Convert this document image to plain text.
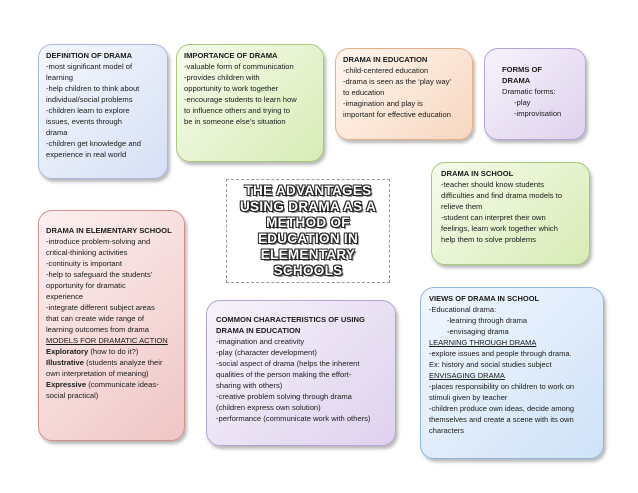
DEFINITION OF DRAMA
-most significant model of
learning
-help children to think about
individual/social problems
-children learn to explore
issues, events through
drama
-children get knowledge and
experience in real world
IMPORTANCE OF DRAMA
-valuable form of communication
-provides children with
opportunity to work together
-encourage students to learn how
to influence others and trying to
be in someone else’s situation
DRAMA IN EDUCATION
-child-centered education
-drama is seen as the ‘play way’
to education
-imagination and play is
important for effective education
FORMS OF
DRAMA
Dramatic forms:
-play
-improvisation
THE ADVANTAGES
USING DRAMA AS A
METHOD OF
EDUCATION IN
ELEMENTARY
SCHOOLS
DRAMA IN SCHOOL
-teacher should know students
difficulties and find drama models to
relieve them
-student can interpret their own
feelings, learn work together which
help them to solve problems
DRAMA IN ELEMENTARY SCHOOL
-introduce problem-solving and
critical-thinking activities
-continuity is important
-help to safeguard the students’
opportunity for dramatic
experience
-integrate different subject areas
that can create wide range of
learning outcomes from drama
MODELS FOR DRAMATIC ACTION
Exploratory (how to do it?)
Illustrative (students analyze their
own interpretation of meaning)
Expressive (communicate ideas-
social practical)
COMMON CHARACTERISTICS OF USING
DRAMA IN EDUCATION
-imagination and creativity
-play (character development)
-social aspect of drama (helps the inherent
qualities of the person making the effort-
sharing with others)
-creative problem solving through drama
(children express own solution)
-performance (communicate work with others)
VIEWS OF DRAMA IN SCHOOL
-Educational drama:
-learning through drama
-envisaging drama
LEARNING THROUGH DRAMA
-explore issues and people through drama.
Ex: history and social studies subject
ENVISAGING DRAMA
-places responsibility on children to work on
stimuli given by teacher
-children produce own ideas, decide among
themselves and create a scene with its own
characters
